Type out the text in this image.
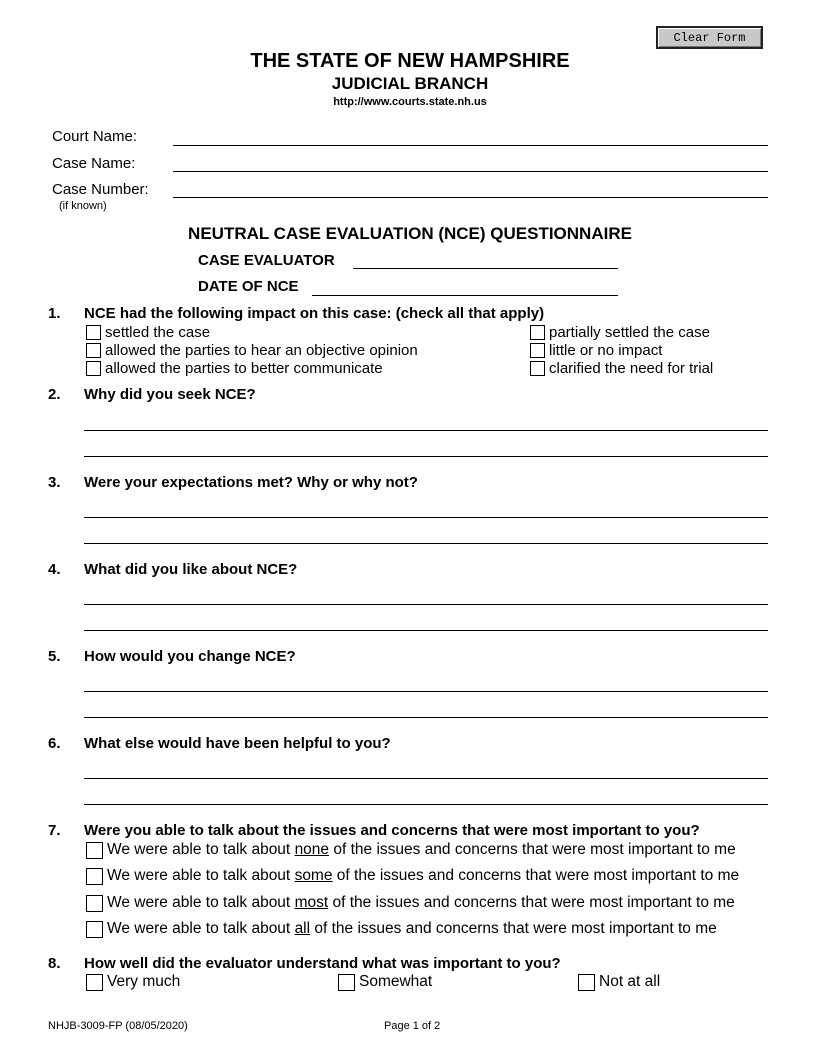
Clear Form
THE STATE OF NEW HAMPSHIRE
JUDICIAL BRANCH
http://www.courts.state.nh.us
Court Name:
Case Name:
Case Number:
(if known)
NEUTRAL CASE EVALUATION (NCE) QUESTIONNAIRE
CASE EVALUATOR
DATE OF NCE
1. NCE had the following impact on this case: (check all that apply)
settled the case	partially settled the case
allowed the parties to hear an objective opinion	little or no impact
allowed the parties to better communicate	clarified the need for trial
2. Why did you seek NCE?
3. Were your expectations met? Why or why not?
4. What did you like about NCE?
5. How would you change NCE?
6. What else would have been helpful to you?
7. Were you able to talk about the issues and concerns that were most important to you?
We were able to talk about
none
of the issues and concerns that were most important to me
We were able to talk about
some
of the issues and concerns that were most important to me
We were able to talk about
most
of the issues and concerns that were most important to me
We were able to talk about
all
of the issues and concerns that were most important to me
8. How well did the evaluator understand what was important to you?
Very much	Somewhat	Not at all
NHJB-3009-FP (08/05/2020)	Page 1 of 2
